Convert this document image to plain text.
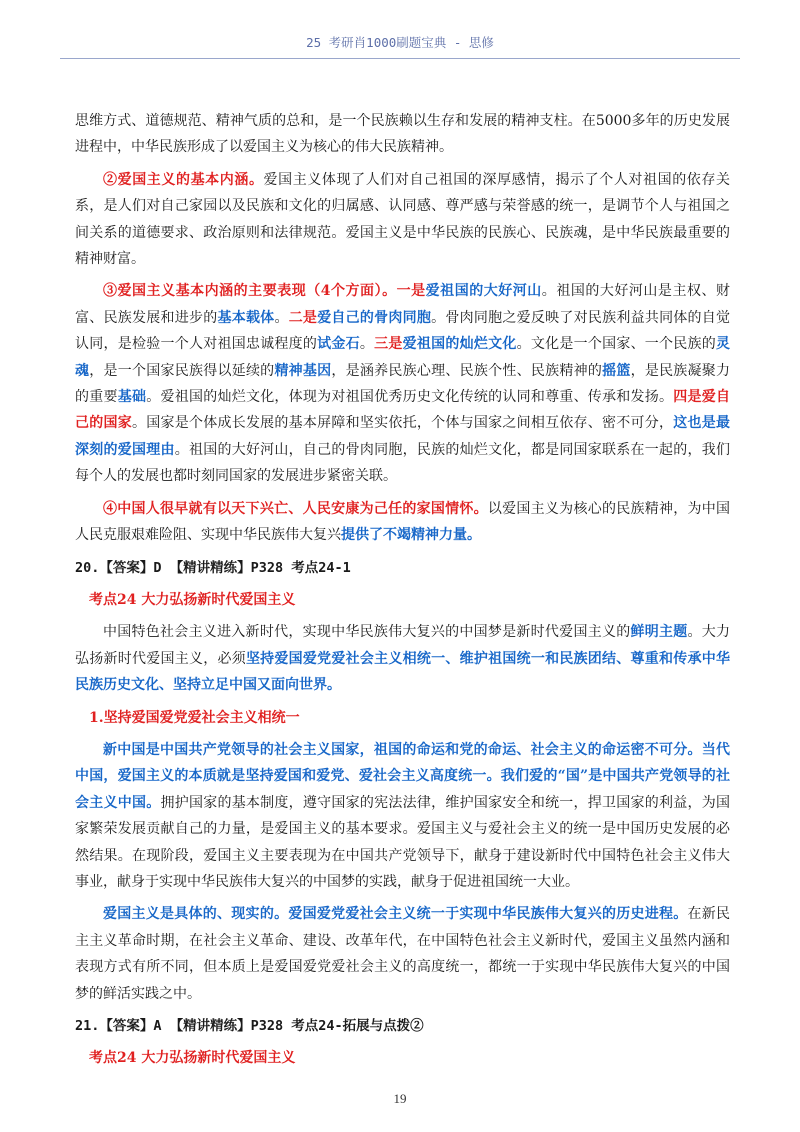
25 考研肖1000刷题宝典 - 思修

思维方式、道德规范、精神气质的总和，是一个民族赖以生存和发展的精神支柱。在5000多年的历史发展进程中，中华民族形成了以爱国主义为核心的伟大民族精神。

②爱国主义的基本内涵。爱国主义体现了人们对自己祖国的深厚感情，揭示了个人对祖国的依存关系，是人们对自己家园以及民族和文化的归属感、认同感、尊严感与荣誉感的统一，是调节个人与祖国之间关系的道德要求、政治原则和法律规范。爱国主义是中华民族的民族心、民族魂，是中华民族最重要的精神财富。

③爱国主义基本内涵的主要表现（4个方面）。一是爱祖国的大好河山。祖国的大好河山是主权、财富、民族发展和进步的基本载体。二是爱自己的骨肉同胞。骨肉同胞之爱反映了对民族利益共同体的自觉认同，是检验一个人对祖国忠诚程度的试金石。三是爱祖国的灿烂文化。文化是一个国家、一个民族的灵魂，是一个国家民族得以延续的精神基因，是涵养民族心理、民族个性、民族精神的摇篮，是民族凝聚力的重要基础。爱祖国的灿烂文化，体现为对祖国优秀历史文化传统的认同和尊重、传承和发扬。四是爱自己的国家。国家是个体成长发展的基本屏障和坚实依托，个体与国家之间相互依存、密不可分，这也是最深刻的爱国理由。祖国的大好河山，自己的骨肉同胞，民族的灿烂文化，都是同国家联系在一起的，我们每个人的发展也都时刻同国家的发展进步紧密关联。

④中国人很早就有以天下兴亡、人民安康为己任的家国情怀。以爱国主义为核心的民族精神，为中国人民克服艰难险阻、实现中华民族伟大复兴提供了不竭精神力量。

20.【答案】D 【精讲精练】P328 考点24-1

考点24 大力弘扬新时代爱国主义

中国特色社会主义进入新时代，实现中华民族伟大复兴的中国梦是新时代爱国主义的鲜明主题。大力弘扬新时代爱国主义，必须坚持爱国爱党爱社会主义相统一、维护祖国统一和民族团结、尊重和传承中华民族历史文化、坚持立足中国又面向世界。

1.坚持爱国爱党爱社会主义相统一

新中国是中国共产党领导的社会主义国家，祖国的命运和党的命运、社会主义的命运密不可分。当代中国，爱国主义的本质就是坚持爱国和爱党、爱社会主义高度统一。我们爱的“国”是中国共产党领导的社会主义中国。拥护国家的基本制度，遵守国家的宪法法律，维护国家安全和统一，捍卫国家的利益，为国家繁荣发展贡献自己的力量，是爱国主义的基本要求。爱国主义与爱社会主义的统一是中国历史发展的必然结果。在现阶段，爱国主义主要表现为在中国共产党领导下，献身于建设新时代中国特色社会主义伟大事业，献身于实现中华民族伟大复兴的中国梦的实践，献身于促进祖国统一大业。

爱国主义是具体的、现实的。爱国爱党爱社会主义统一于实现中华民族伟大复兴的历史进程。在新民主主义革命时期，在社会主义革命、建设、改革年代，在中国特色社会主义新时代，爱国主义虽然内涵和表现方式有所不同，但本质上是爱国爱党爱社会主义的高度统一，都统一于实现中华民族伟大复兴的中国梦的鲜活实践之中。

21.【答案】A 【精讲精练】P328 考点24-拓展与点拨②

考点24 大力弘扬新时代爱国主义

19
